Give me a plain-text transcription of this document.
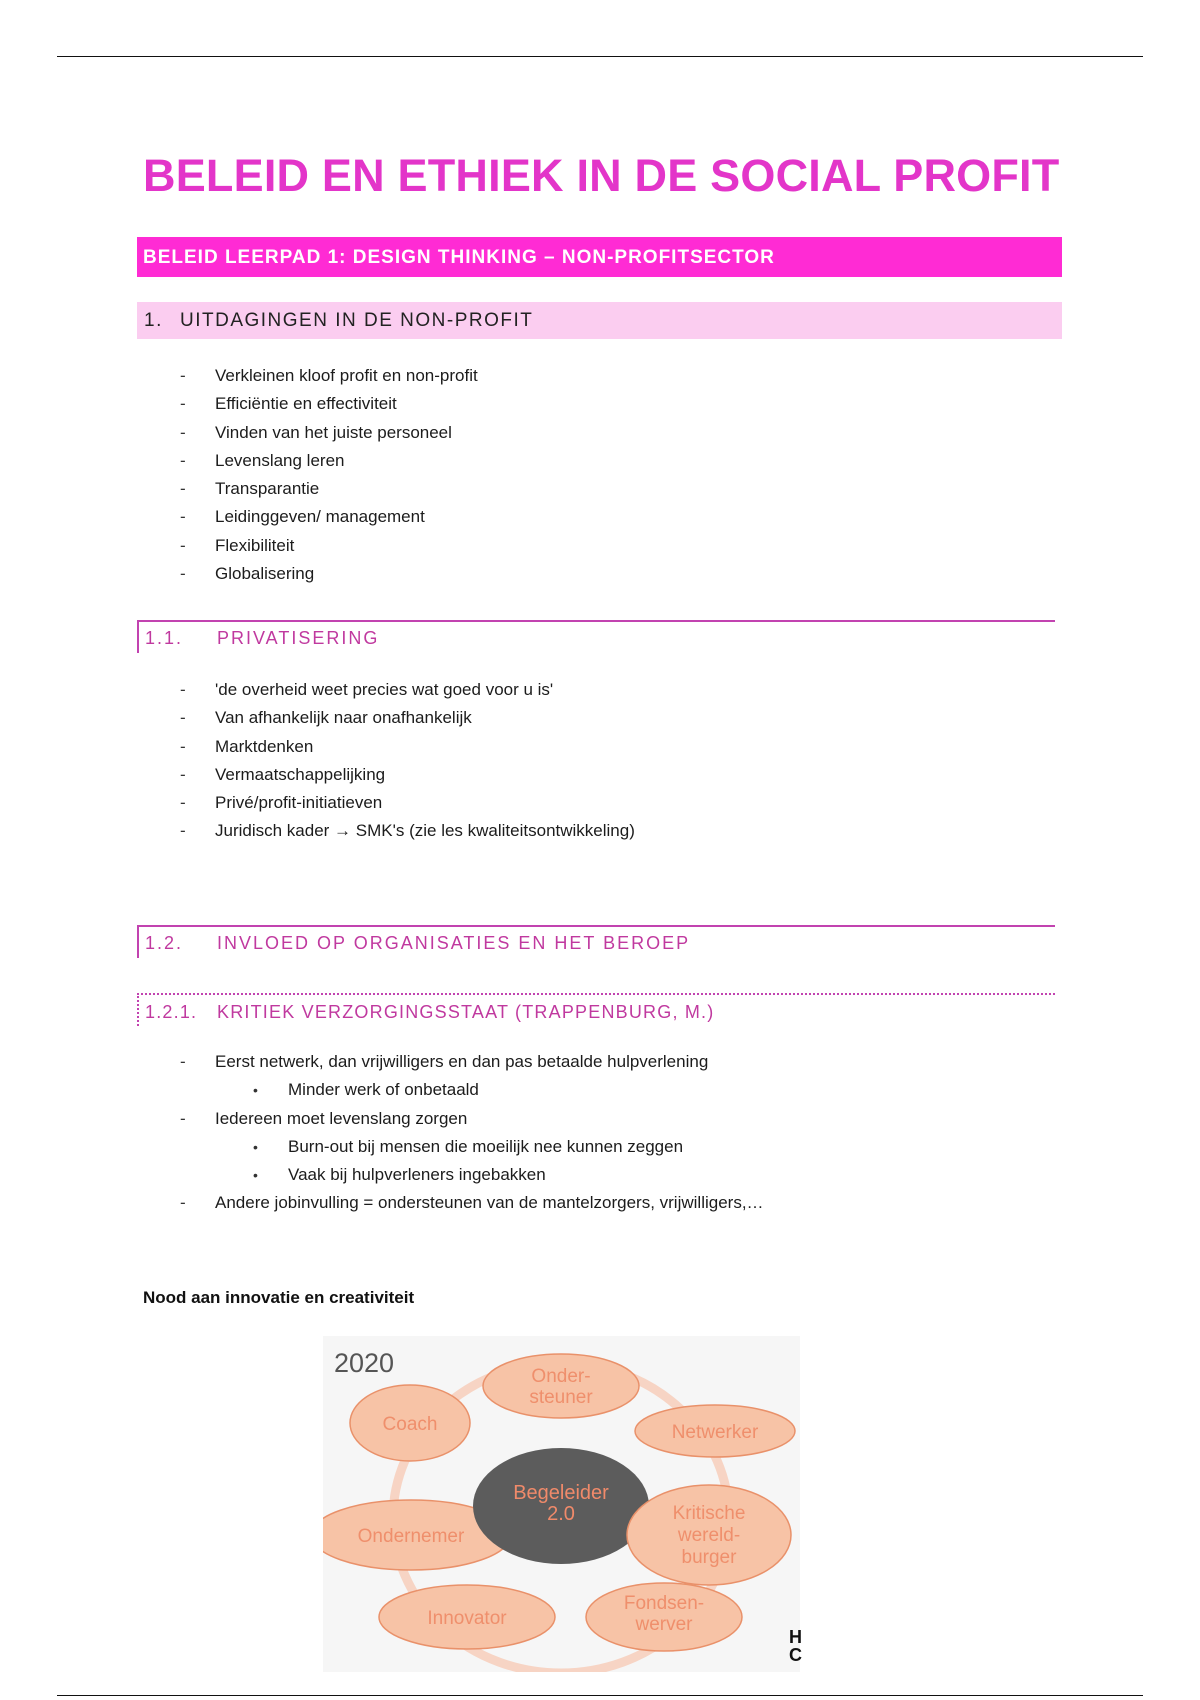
BELEID EN ETHIEK IN DE SOCIAL PROFIT
BELEID LEERPAD 1: DESIGN THINKING – NON-PROFITSECTOR
1. UITDAGINGEN IN DE NON-PROFIT
- Verkleinen kloof profit en non-profit
- Efficiëntie en effectiviteit
- Vinden van het juiste personeel
- Levenslang leren
- Transparantie
- Leidinggeven/ management
- Flexibiliteit
- Globalisering
1.1. PRIVATISERING
- 'de overheid weet precies wat goed voor u is'
- Van afhankelijk naar onafhankelijk
- Marktdenken
- Vermaatschappelijking
- Privé/profit-initiatieven
- Juridisch kader → SMK's (zie les kwaliteitsontwikkeling)
1.2. INVLOED OP ORGANISATIES EN HET BEROEP
1.2.1. KRITIEK VERZORGINGSSTAAT (TRAPPENBURG, M.)
- Eerst netwerk, dan vrijwilligers en dan pas betaalde hulpverlening
• Minder werk of onbetaald
- Iedereen moet levenslang zorgen
• Burn-out bij mensen die moeilijk nee kunnen zeggen
• Vaak bij hulpverleners ingebakken
- Andere jobinvulling = ondersteunen van de mantelzorgers, vrijwilligers,…
Nood aan innovatie en creativiteit
2020	Onder-
steuner
Coach	Netwerker
Ondernemer
Innovator
Fondsen-
werver
Begeleider
2.0	Kritische
wereld-
burger
H
C
